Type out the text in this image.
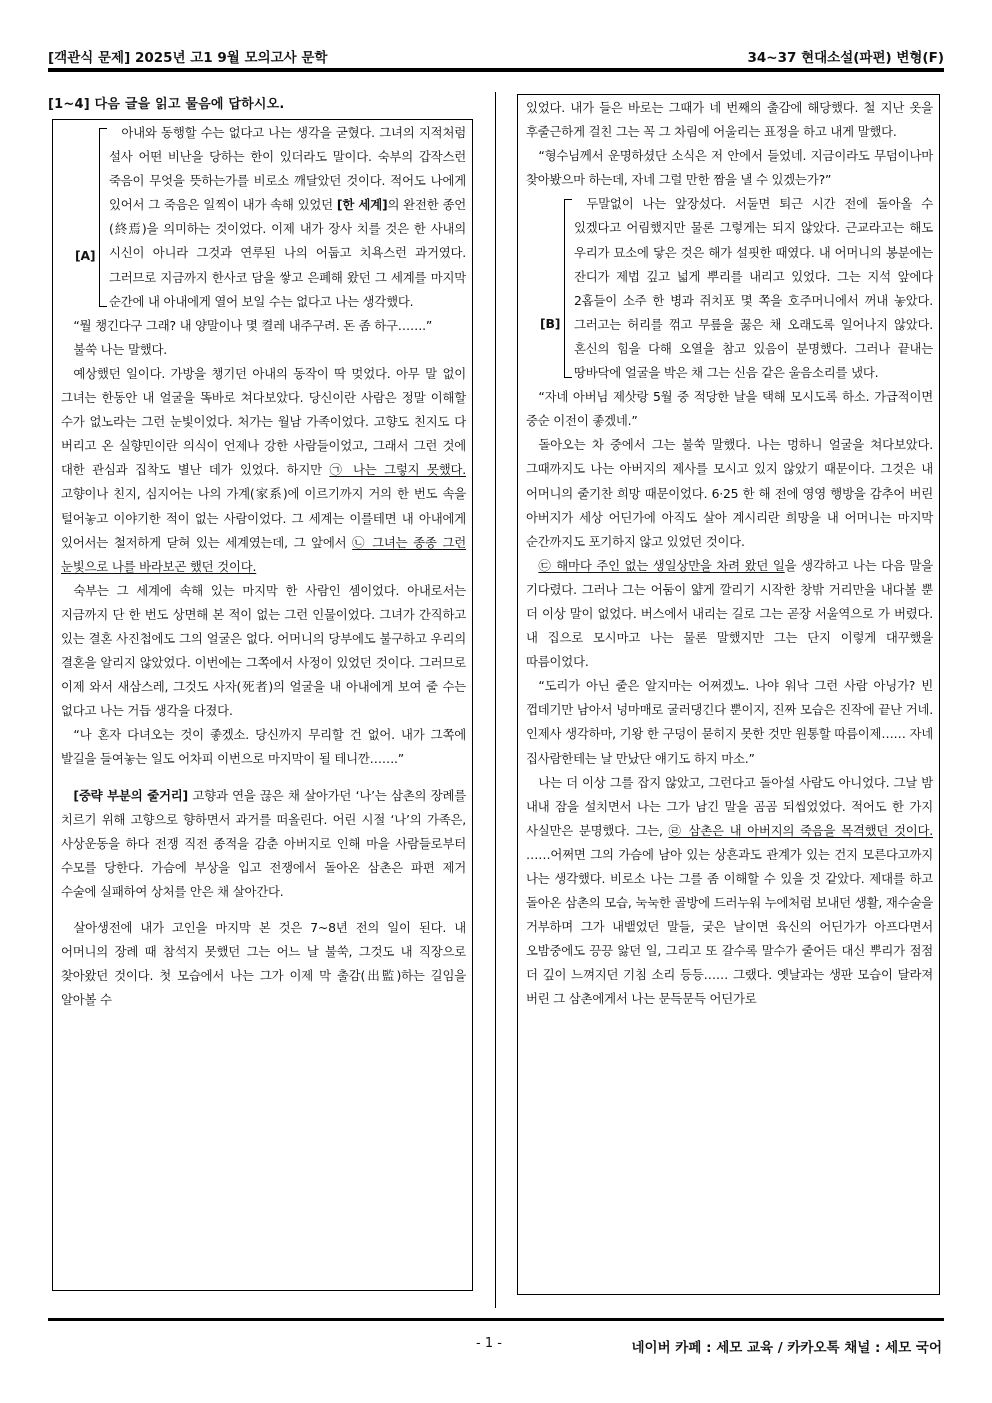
[객관식 문제] 2025년 고1 9월 모의고사 문학	34~37 현대소설(파편) 변형(F)
[1~4] 다음 글을 읽고 물음에 답하시오.
[A]

아내와 동행할 수는 없다고 나는 생각을 굳혔다. 그녀의 지적처럼 설사 어떤 비난을 당하는 한이 있더라도 말이다. 숙부의 갑작스런 죽음이 무엇을 뜻하는가를 비로소 깨달았던 것이다. 적어도 나에게 있어서 그 죽음은 일찍이 내가 속해 있었던 [한 세계]의 완전한 종언(終焉)을 의미하는 것이었다. 이제 내가 장사 치를 것은 한 사내의 시신이 아니라 그것과 연루된 나의 어둡고 치욕스런 과거였다. 그러므로 지금까지 한사코 담을 쌓고 은폐해 왔던 그 세계를 마지막 순간에 내 아내에게 열어 보일 수는 없다고 나는 생각했다.

“뭘 챙긴다구 그래? 내 양말이나 몇 켤레 내주구려. 돈 좀 하구…….”

불쑥 나는 말했다.

예상했던 일이다. 가방을 챙기던 아내의 동작이 딱 멎었다. 아무 말 없이 그녀는 한동안 내 얼굴을 똑바로 쳐다보았다. 당신이란 사람은 정말 이해할 수가 없노라는 그런 눈빛이었다. 처가는 월남 가족이었다. 고향도 친지도 다 버리고 온 실향민이란 의식이 언제나 강한 사람들이었고, 그래서 그런 것에 대한 관심과 집착도 별난 데가 있었다. 하지만 ㉠ 나는 그렇지 못했다. 고향이나 친지, 심지어는 나의 가계(家系)에 이르기까지 거의 한 번도 속을 털어놓고 이야기한 적이 없는 사람이었다. 그 세계는 이를테면 내 아내에게 있어서는 철저하게 닫혀 있는 세계였는데, 그 앞에서 ㉡ 그녀는 종종 그런 눈빛으로 나를 바라보곤 했던 것이다.

숙부는 그 세계에 속해 있는 마지막 한 사람인 셈이었다. 아내로서는 지금까지 단 한 번도 상면해 본 적이 없는 그런 인물이었다. 그녀가 간직하고 있는 결혼 사진첩에도 그의 얼굴은 없다. 어머니의 당부에도 불구하고 우리의 결혼을 알리지 않았었다. 이번에는 그쪽에서 사정이 있었던 것이다. 그러므로 이제 와서 새삼스레, 그것도 사자(死者)의 얼굴을 내 아내에게 보여 줄 수는 없다고 나는 거듭 생각을 다졌다.

“나 혼자 다녀오는 것이 좋겠소. 당신까지 무리할 건 없어. 내가 그쪽에 발길을 들여놓는 일도 어차피 이번으로 마지막이 될 테니깐…….”

[중략 부분의 줄거리] 고향과 연을 끊은 채 살아가던 ‘나’는 삼촌의 장례를 치르기 위해 고향으로 향하면서 과거를 떠올린다. 어린 시절 ‘나’의 가족은, 사상운동을 하다 전쟁 직전 종적을 감춘 아버지로 인해 마을 사람들로부터 수모를 당한다. 가슴에 부상을 입고 전쟁에서 돌아온 삼촌은 파편 제거 수술에 실패하여 상처를 안은 채 살아간다.

살아생전에 내가 고인을 마지막 본 것은 7~8년 전의 일이 된다. 내 어머니의 장례 때 참석지 못했던 그는 어느 날 불쑥, 그것도 내 직장으로 찾아왔던 것이다. 첫 모습에서 나는 그가 이제 막 출감(出監)하는 길임을 알아볼 수

있었다. 내가 들은 바로는 그때가 네 번째의 출감에 해당했다. 철 지난 옷을 후줄근하게 걸친 그는 꼭 그 차림에 어울리는 표정을 하고 내게 말했다.

“형수님께서 운명하셨단 소식은 저 안에서 들었네. 지금이라도 무덤이나마 찾아봤으마 하는데, 자네 그럴 만한 짬을 낼 수 있겠는가?”

[B]

두말없이 나는 앞장섰다. 서둘면 퇴근 시간 전에 돌아올 수 있겠다고 어림했지만 물론 그렇게는 되지 않았다. 근교라고는 해도 우리가 묘소에 닿은 것은 해가 설핏한 때였다. 내 어머니의 봉분에는 잔디가 제법 깊고 넓게 뿌리를 내리고 있었다. 그는 지석 앞에다 2홉들이 소주 한 병과 쥐치포 몇 쪽을 호주머니에서 꺼내 놓았다. 그러고는 허리를 꺾고 무릎을 꿇은 채 오래도록 일어나지 않았다. 혼신의 힘을 다해 오열을 참고 있음이 분명했다. 그러나 끝내는 땅바닥에 얼굴을 박은 채 그는 신음 같은 울음소리를 냈다.

“자네 아버님 제삿랑 5월 중 적당한 날을 택해 모시도록 하소. 가급적이면 중순 이전이 좋겠네.”

돌아오는 차 중에서 그는 불쑥 말했다. 나는 멍하니 얼굴을 쳐다보았다. 그때까지도 나는 아버지의 제사를 모시고 있지 않았기 때문이다. 그것은 내 어머니의 줄기찬 희망 때문이었다. 6·25 한 해 전에 영영 행방을 감추어 버린 아버지가 세상 어딘가에 아직도 살아 계시리란 희망을 내 어머니는 마지막 순간까지도 포기하지 않고 있었던 것이다.

㉢ 해마다 주인 없는 생일상만을 차려 왔던 일을 생각하고 나는 다음 말을 기다렸다. 그러나 그는 어둠이 얇게 깔리기 시작한 창밖 거리만을 내다볼 뿐 더 이상 말이 없었다. 버스에서 내리는 길로 그는 곧장 서울역으로 가 버렸다. 내 집으로 모시마고 나는 물론 말했지만 그는 단지 이렇게 대꾸했을 따름이었다.

“도리가 아닌 줄은 알지마는 어쩌겠노. 나야 워낙 그런 사람 아닝가? 빈 껍데기만 남아서 넝마매로 굴러댕긴다 뿐이지, 진짜 모습은 진작에 끝난 거네. 인제사 생각하마, 기왕 한 구덩이 묻히지 못한 것만 원통할 따름이제…… 자네 집사람한테는 날 만났단 얘기도 하지 마소.”

나는 더 이상 그를 잡지 않았고, 그런다고 돌아설 사람도 아니었다. 그날 밤 내내 잠을 설치면서 나는 그가 남긴 말을 곰곰 되씹었었다. 적어도 한 가지 사실만은 분명했다. 그는, ㉣ 삼촌은 내 아버지의 죽음을 목격했던 것이다. ……어쩌면 그의 가슴에 남아 있는 상흔과도 관계가 있는 건지 모른다고까지 나는 생각했다. 비로소 나는 그를 좀 이해할 수 있을 것 같았다. 제대를 하고 돌아온 삼촌의 모습, 눅눅한 골방에 드러누워 누에처럼 보내던 생활, 재수술을 거부하며 그가 내뱉었던 말들, 궂은 날이면 육신의 어딘가가 아프다면서 오밤중에도 끙끙 앓던 일, 그리고 또 갈수록 말수가 줄어든 대신 뿌리가 점점 더 깊이 느껴지던 기침 소리 등등…… 그랬다. 옛날과는 생판 모습이 달라져 버린 그 삼촌에게서 나는 문득문득 어딘가로

- 1 -	네이버 카페 : 세모 교육 / 카카오톡 채널 : 세모 국어
